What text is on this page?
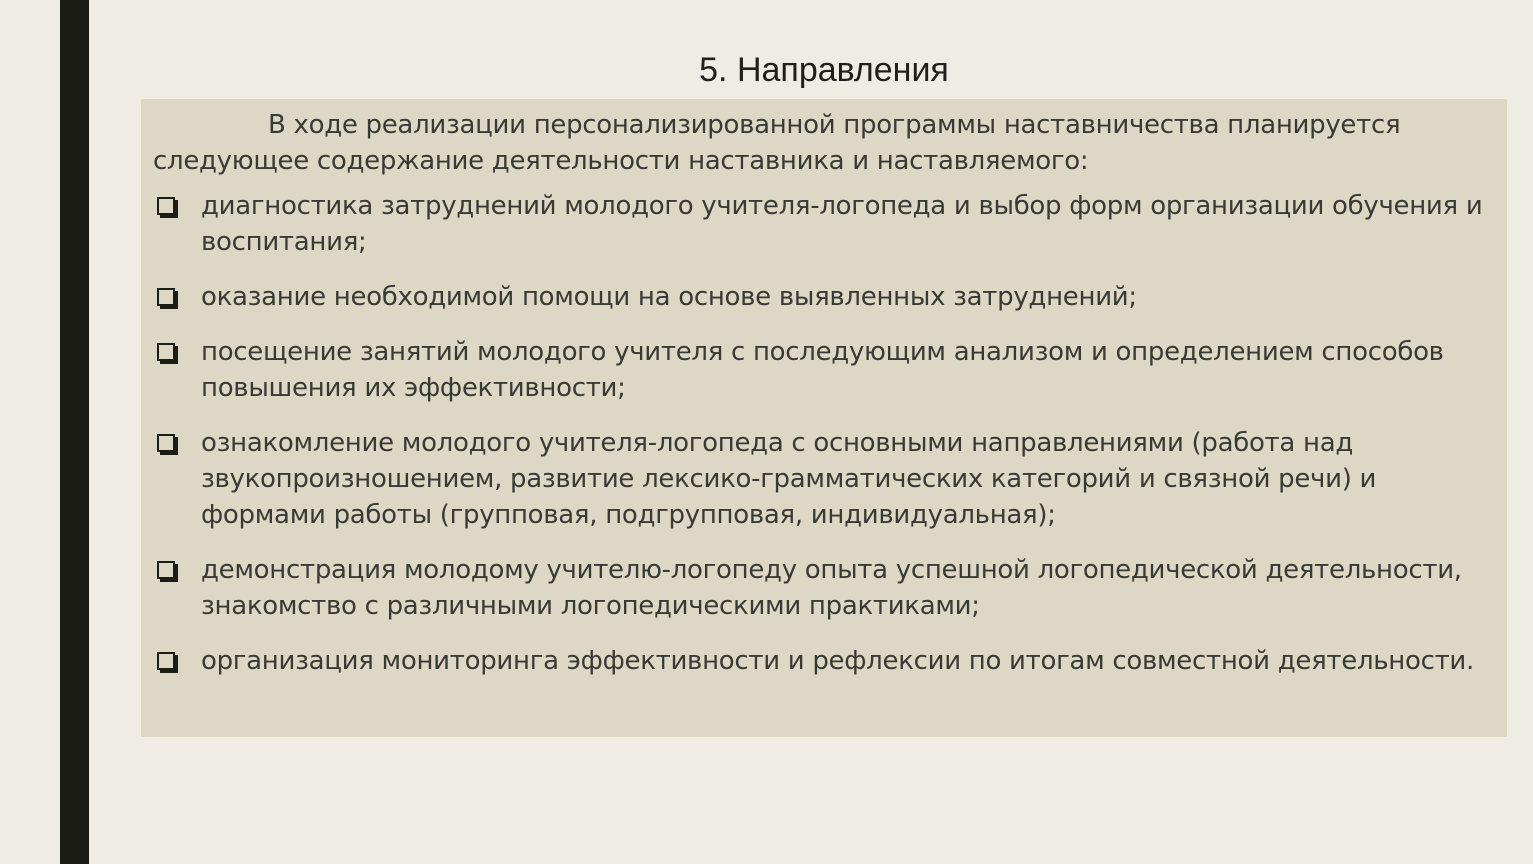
5. Направления

В ходе реализации персонализированной программы наставничества планируется следующее содержание деятельности наставника и наставляемого:

диагностика затруднений молодого учителя-логопеда и выбор форм организации обучения и воспитания;
оказание необходимой помощи на основе выявленных затруднений;
посещение занятий молодого учителя с последующим анализом и определением способов повышения их эффективности;
ознакомление молодого учителя-логопеда с основными направлениями (работа над звукопроизношением, развитие лексико-грамматических категорий и связной речи) и формами работы (групповая, подгрупповая, индивидуальная);
демонстрация молодому учителю-логопеду опыта успешной логопедической деятельности, знакомство с различными логопедическими практиками;
организация мониторинга эффективности и рефлексии по итогам совместной деятельности.
